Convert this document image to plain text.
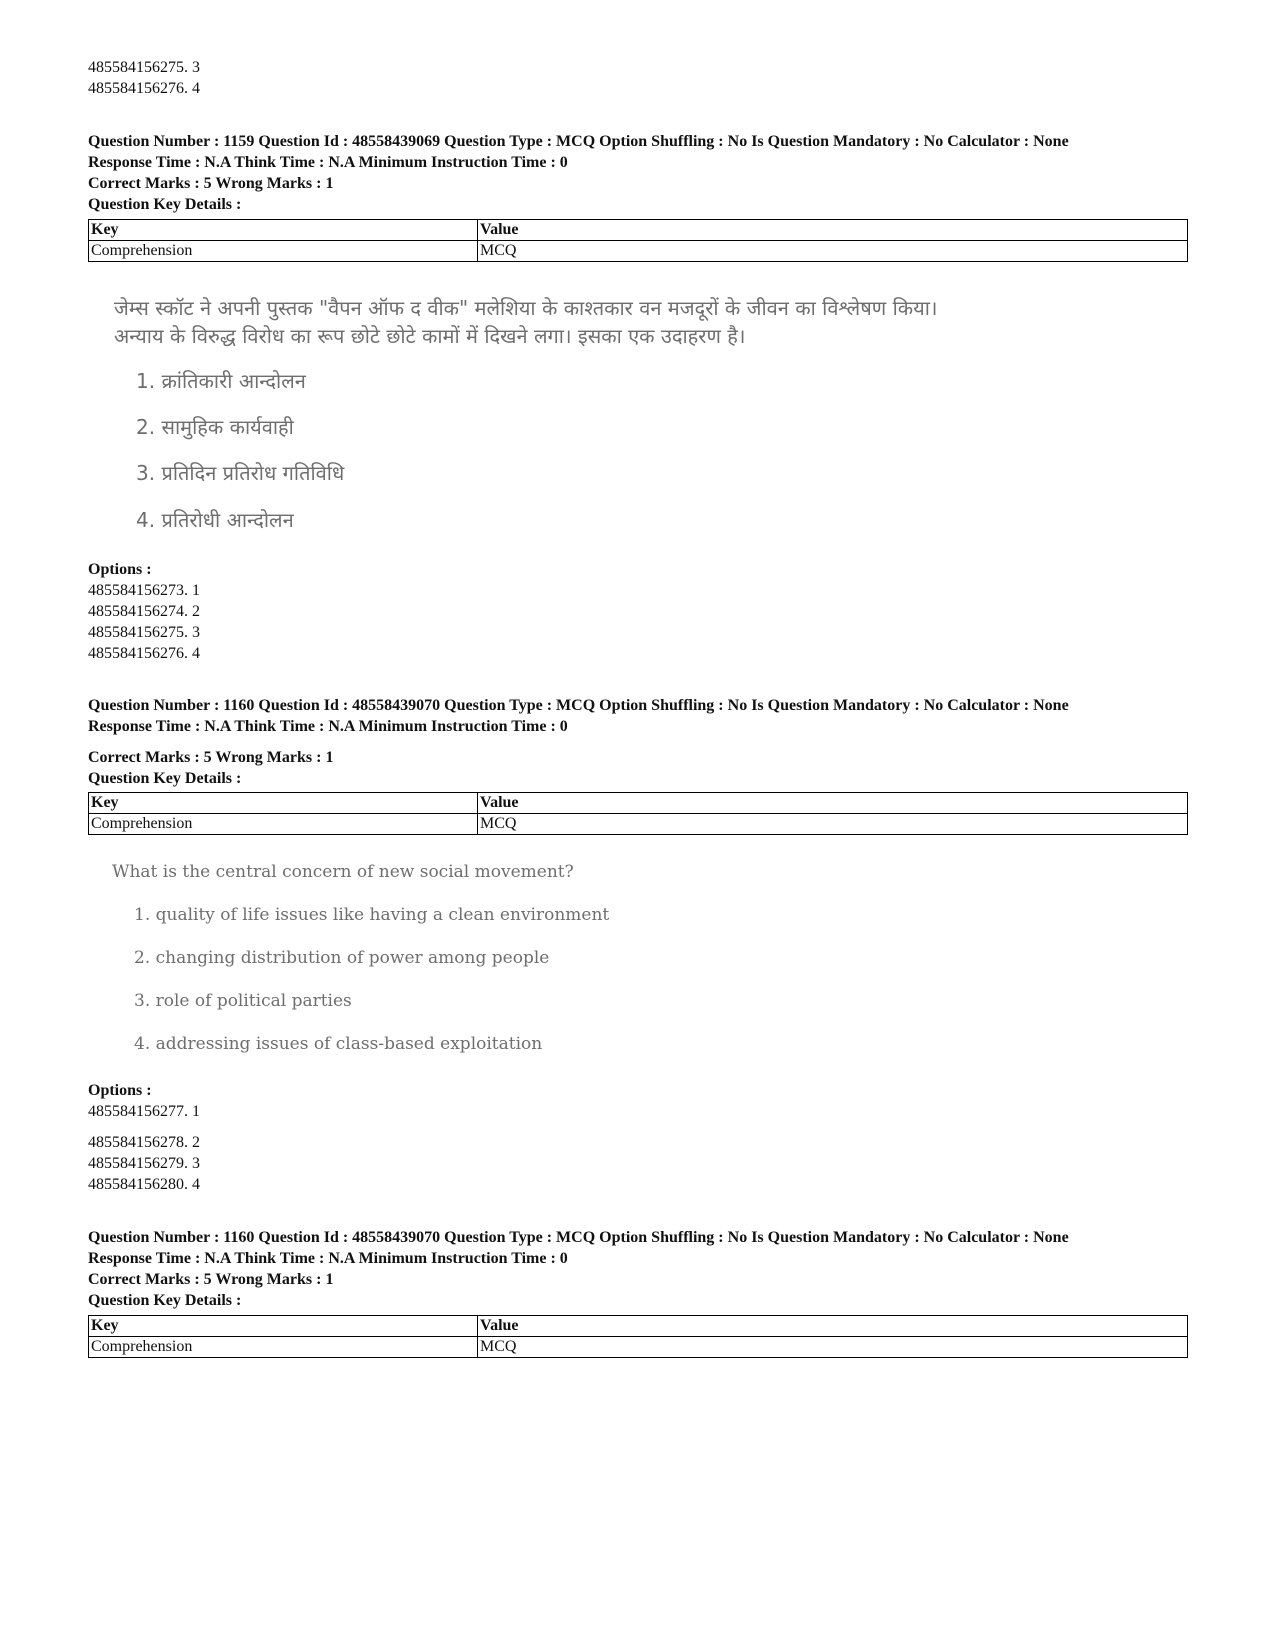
485584156275. 3
485584156276. 4
Question Number : 1159 Question Id : 48558439069 Question Type : MCQ Option Shuffling : No Is Question Mandatory : No Calculator : None
Response Time : N.A Think Time : N.A Minimum Instruction Time : 0
Correct Marks : 5 Wrong Marks : 1
Question Key Details :
Key	Value
Comprehension	MCQ
जेम्स स्कॉट ने अपनी पुस्तक "वैपन ऑफ द वीक" मलेशिया के काश्तकार वन मजदूरों के जीवन का विश्लेषण किया।
अन्याय के विरुद्ध विरोध का रूप छोटे छोटे कामों में दिखने लगा। इसका एक उदाहरण है।
1. क्रांतिकारी आन्दोलन
2. सामुहिक कार्यवाही
3. प्रतिदिन प्रतिरोध गतिविधि
4. प्रतिरोधी आन्दोलन
Options :
485584156273. 1
485584156274. 2
485584156275. 3
485584156276. 4
Question Number : 1160 Question Id : 48558439070 Question Type : MCQ Option Shuffling : No Is Question Mandatory : No Calculator : None
Response Time : N.A Think Time : N.A Minimum Instruction Time : 0
Correct Marks : 5 Wrong Marks : 1
Question Key Details :
Key	Value
Comprehension	MCQ
What is the central concern of new social movement?
1. quality of life issues like having a clean environment
2. changing distribution of power among people
3. role of political parties
4. addressing issues of class-based exploitation
Options :
485584156277. 1
485584156278. 2
485584156279. 3
485584156280. 4
Question Number : 1160 Question Id : 48558439070 Question Type : MCQ Option Shuffling : No Is Question Mandatory : No Calculator : None
Response Time : N.A Think Time : N.A Minimum Instruction Time : 0
Correct Marks : 5 Wrong Marks : 1
Question Key Details :
Key	Value
Comprehension	MCQ
